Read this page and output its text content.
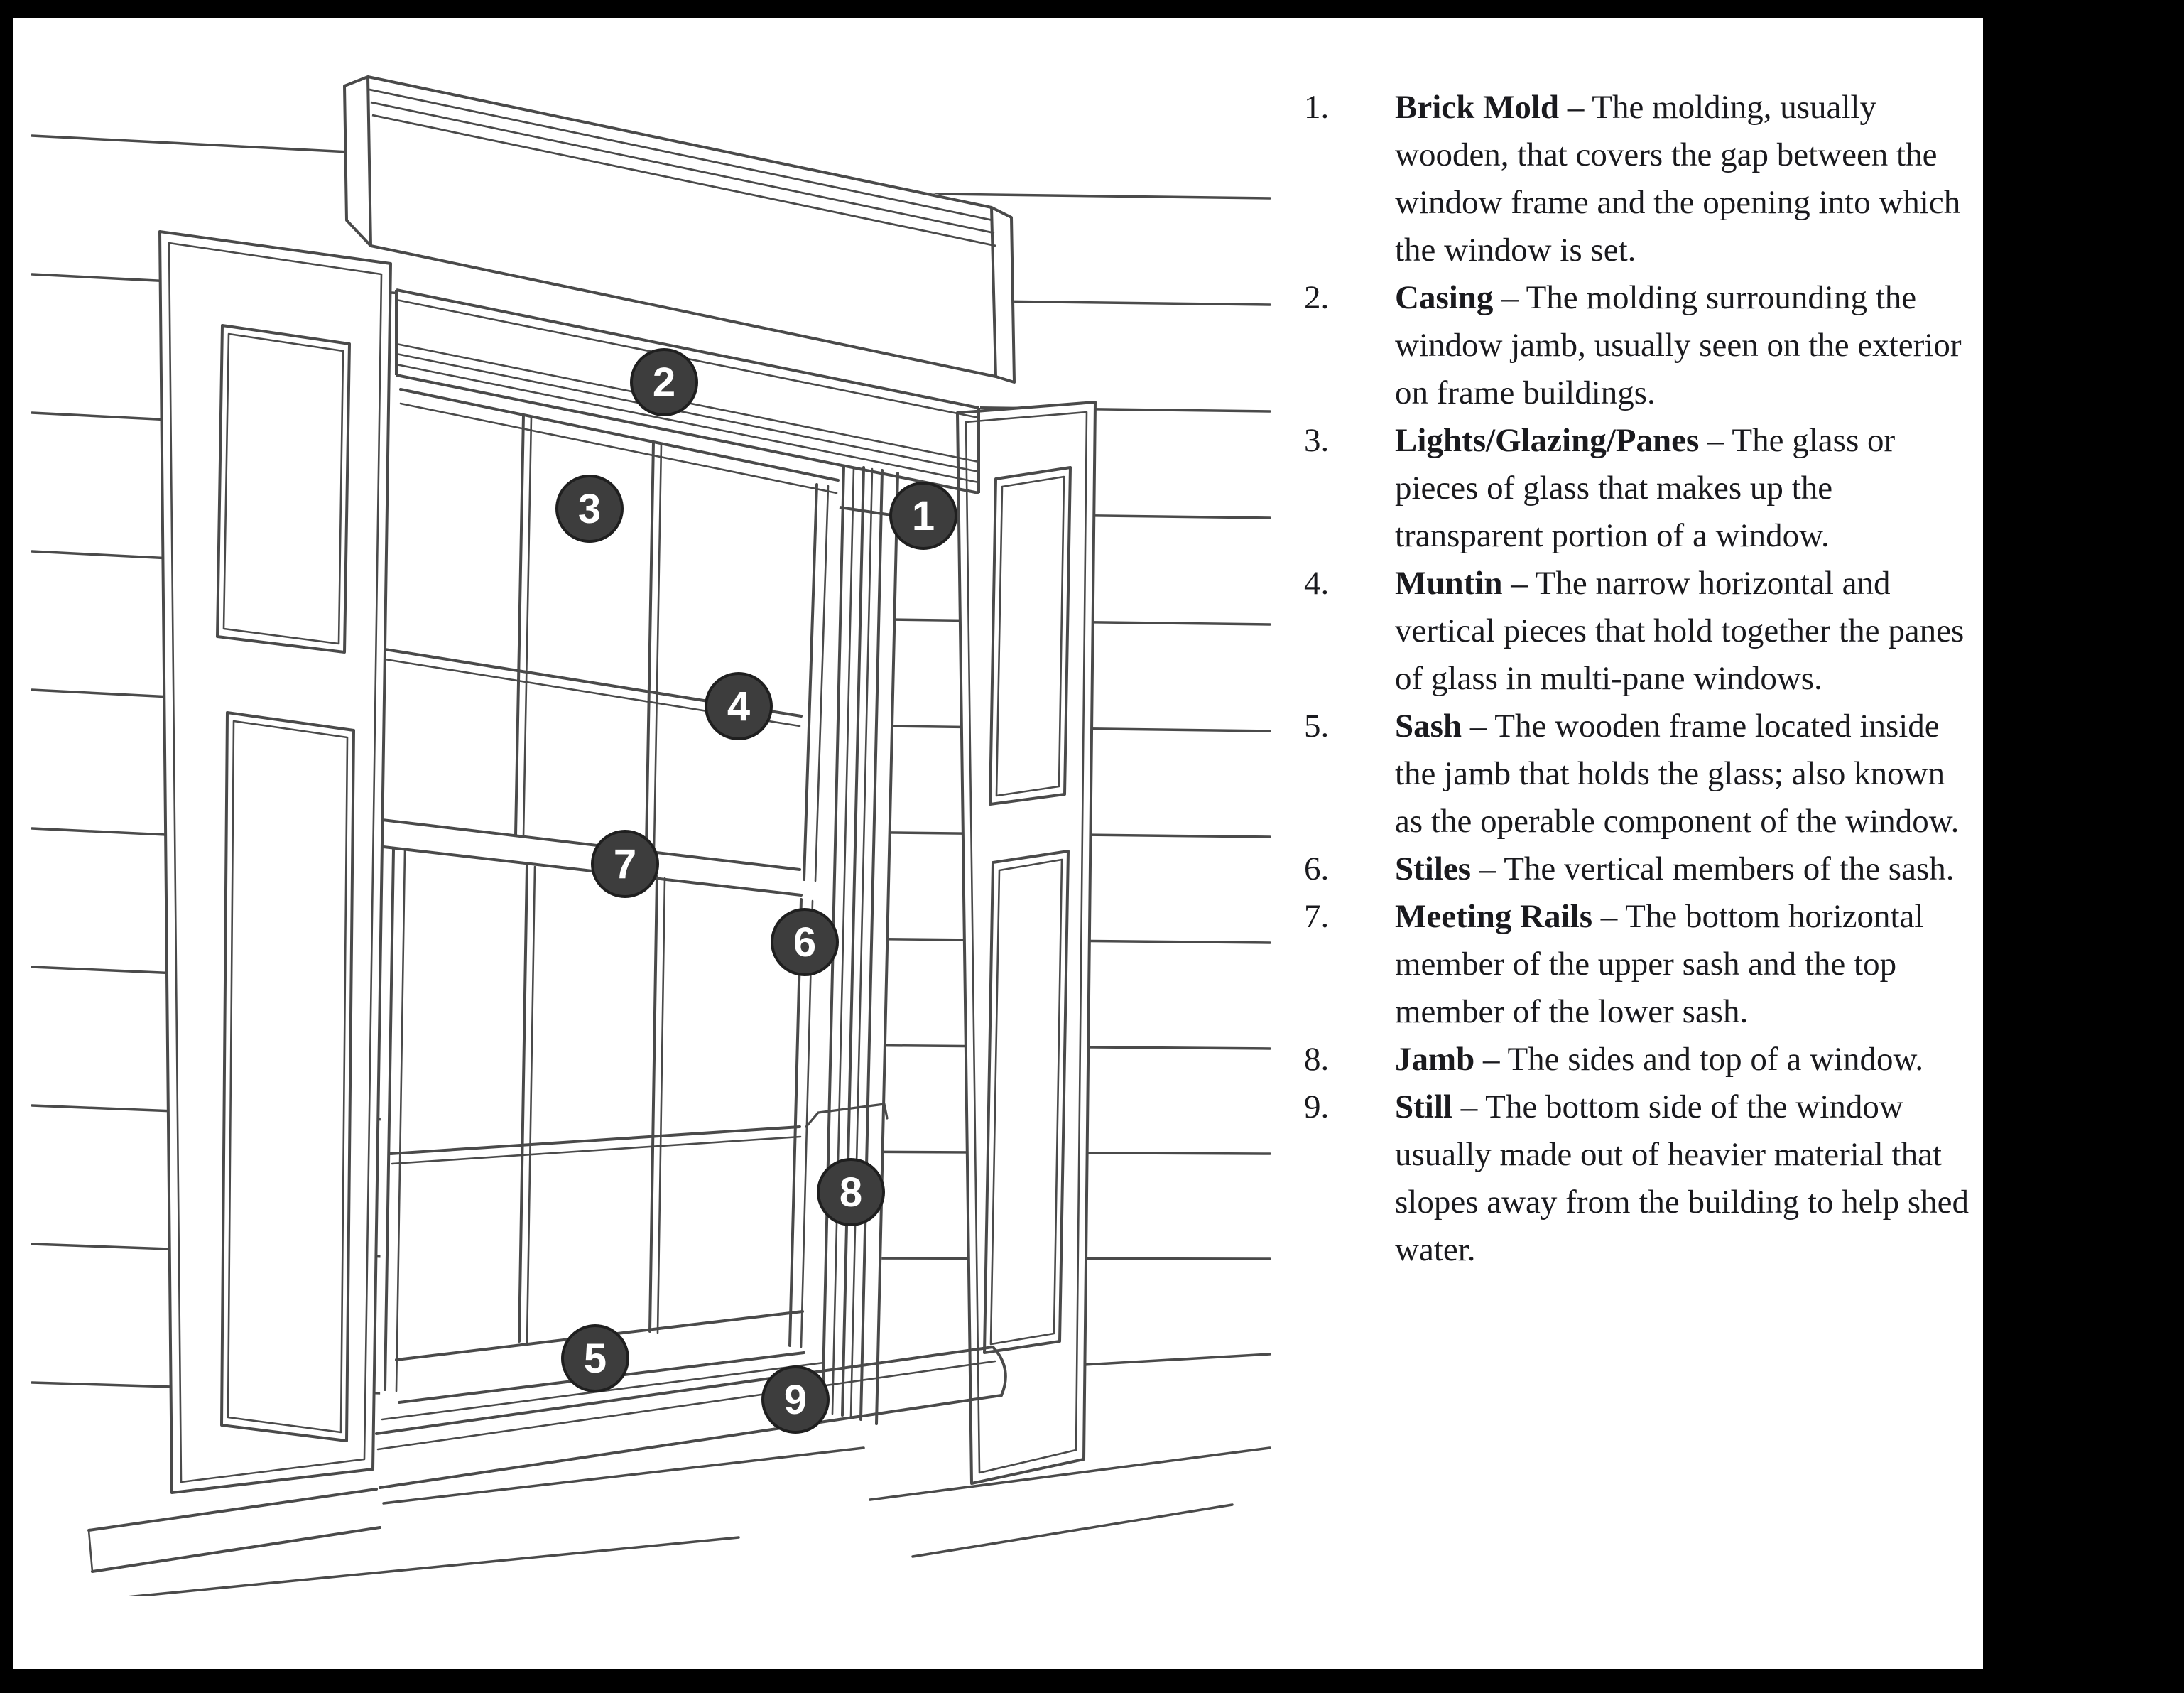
1
2
3
4
5
6
7
8
9
1. Brick Mold – The molding, usually wooden, that covers the gap between the window frame and the opening into which the window is set.
2. Casing – The molding surrounding the window jamb, usually seen on the exterior on frame buildings.
3. Lights/Glazing/Panes – The glass or pieces of glass that makes up the transparent portion of a window.
4. Muntin – The narrow horizontal and vertical pieces that hold together the panes of glass in multi-pane windows.
5. Sash – The wooden frame located inside the jamb that holds the glass; also known as the operable component of the window.
6. Stiles – The vertical members of the sash.
7. Meeting Rails – The bottom horizontal member of the upper sash and the top member of the lower sash.
8. Jamb – The sides and top of a window.
9. Still – The bottom side of the window usually made out of heavier material that slopes away from the building to help shed water.
